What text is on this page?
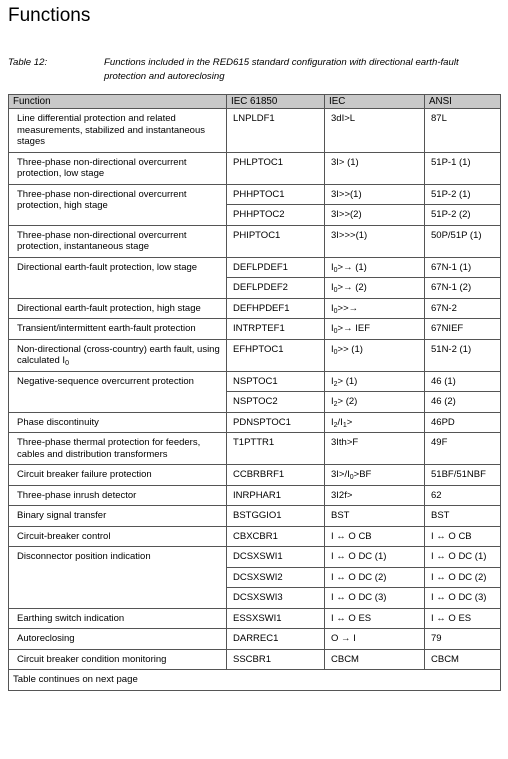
Functions
Table 12:	Functions included in the RED615 standard configuration with directional earth-fault protection and autoreclosing
Function	IEC 61850	IEC	ANSI
Line differential protection and related measurements, stabilized and instantaneous stages	LNPLDF1	3dI>L	87L
Three-phase non-directional overcurrent protection, low stage	PHLPTOC1	3I> (1)	51P-1 (1)
Three-phase non-directional overcurrent protection, high stage	PHHPTOC1	3I>>(1)	51P-2 (1)
	PHHPTOC2	3I>>(2)	51P-2 (2)
Three-phase non-directional overcurrent protection, instantaneous stage	PHIPTOC1	3I>>>(1)	50P/51P (1)
Directional earth-fault protection, low stage	DEFLPDEF1	$I_0>\to (1)$	67N-1 (1)
	DEFLPDEF2	$I_0>\to (2)$	67N-1 (2)
Directional earth-fault protection, high stage	DEFHPDEF1	$I_0>>\to$	67N-2
Transient/intermittent earth-fault protection	INTRPTEF1	$I_0>\to$ IEF	67NIEF
Non-directional (cross-country) earth fault, using calculated $I_0$	EFHPTOC1	$I_0>> (1)$	51N-2 (1)
Negative-sequence overcurrent protection	NSPTOC1	$I_2> (1)$	46 (1)
	NSPTOC2	$I_2> (2)$	46 (2)
Phase discontinuity	PDNSPTOC1	$I_2/I_1>$	46PD
Three-phase thermal protection for feeders, cables and distribution transformers	T1PTTR1	3Ith>F	49F
Circuit breaker failure protection	CCBRBRF1	$3I>/I_0>BF$	51BF/51NBF
Three-phase inrush detector	INRPHAR1	3I2f>	62
Binary signal transfer	BSTGGIO1	BST	BST
Circuit-breaker control	CBXCBR1	I ↔ O CB	I ↔ O CB
Disconnector position indication	DCSXSWI1	I ↔ O DC (1)	I ↔ O DC (1)
	DCSXSWI2	I ↔ O DC (2)	I ↔ O DC (2)
	DCSXSWI3	I ↔ O DC (3)	I ↔ O DC (3)
Earthing switch indication	ESSXSWI1	I ↔ O ES	I ↔ O ES
Autoreclosing	DARREC1	O → I	79
Circuit breaker condition monitoring	SSCBR1	CBCM	CBCM
Table continues on next page			
